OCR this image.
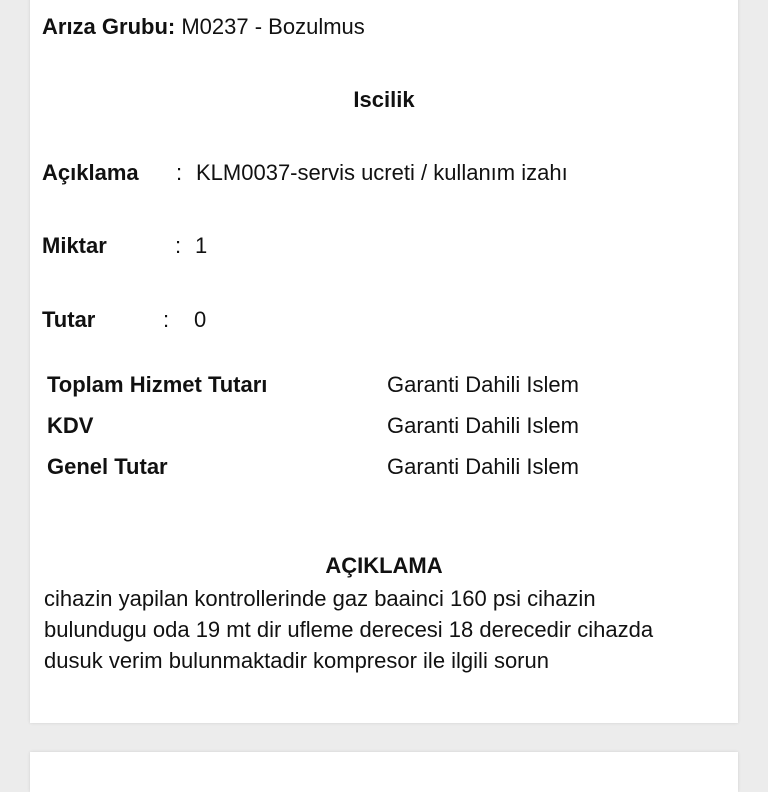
Arıza Grubu: M0237 - Bozulmus
Iscilik
Açıklama : KLM0037-servis ucreti / kullanım izahı
Miktar	: 1
Tutar	: 0
Toplam Hizmet Tutarı	Garanti Dahili Islem
KDV	Garanti Dahili Islem
Genel Tutar	Garanti Dahili Islem
AÇIKLAMA
cihazin yapilan kontrollerinde gaz baainci 160 psi cihazin
bulundugu oda 19 mt dir ufleme derecesi 18 derecedir cihazda
dusuk verim bulunmaktadir kompresor ile ilgili sorun
